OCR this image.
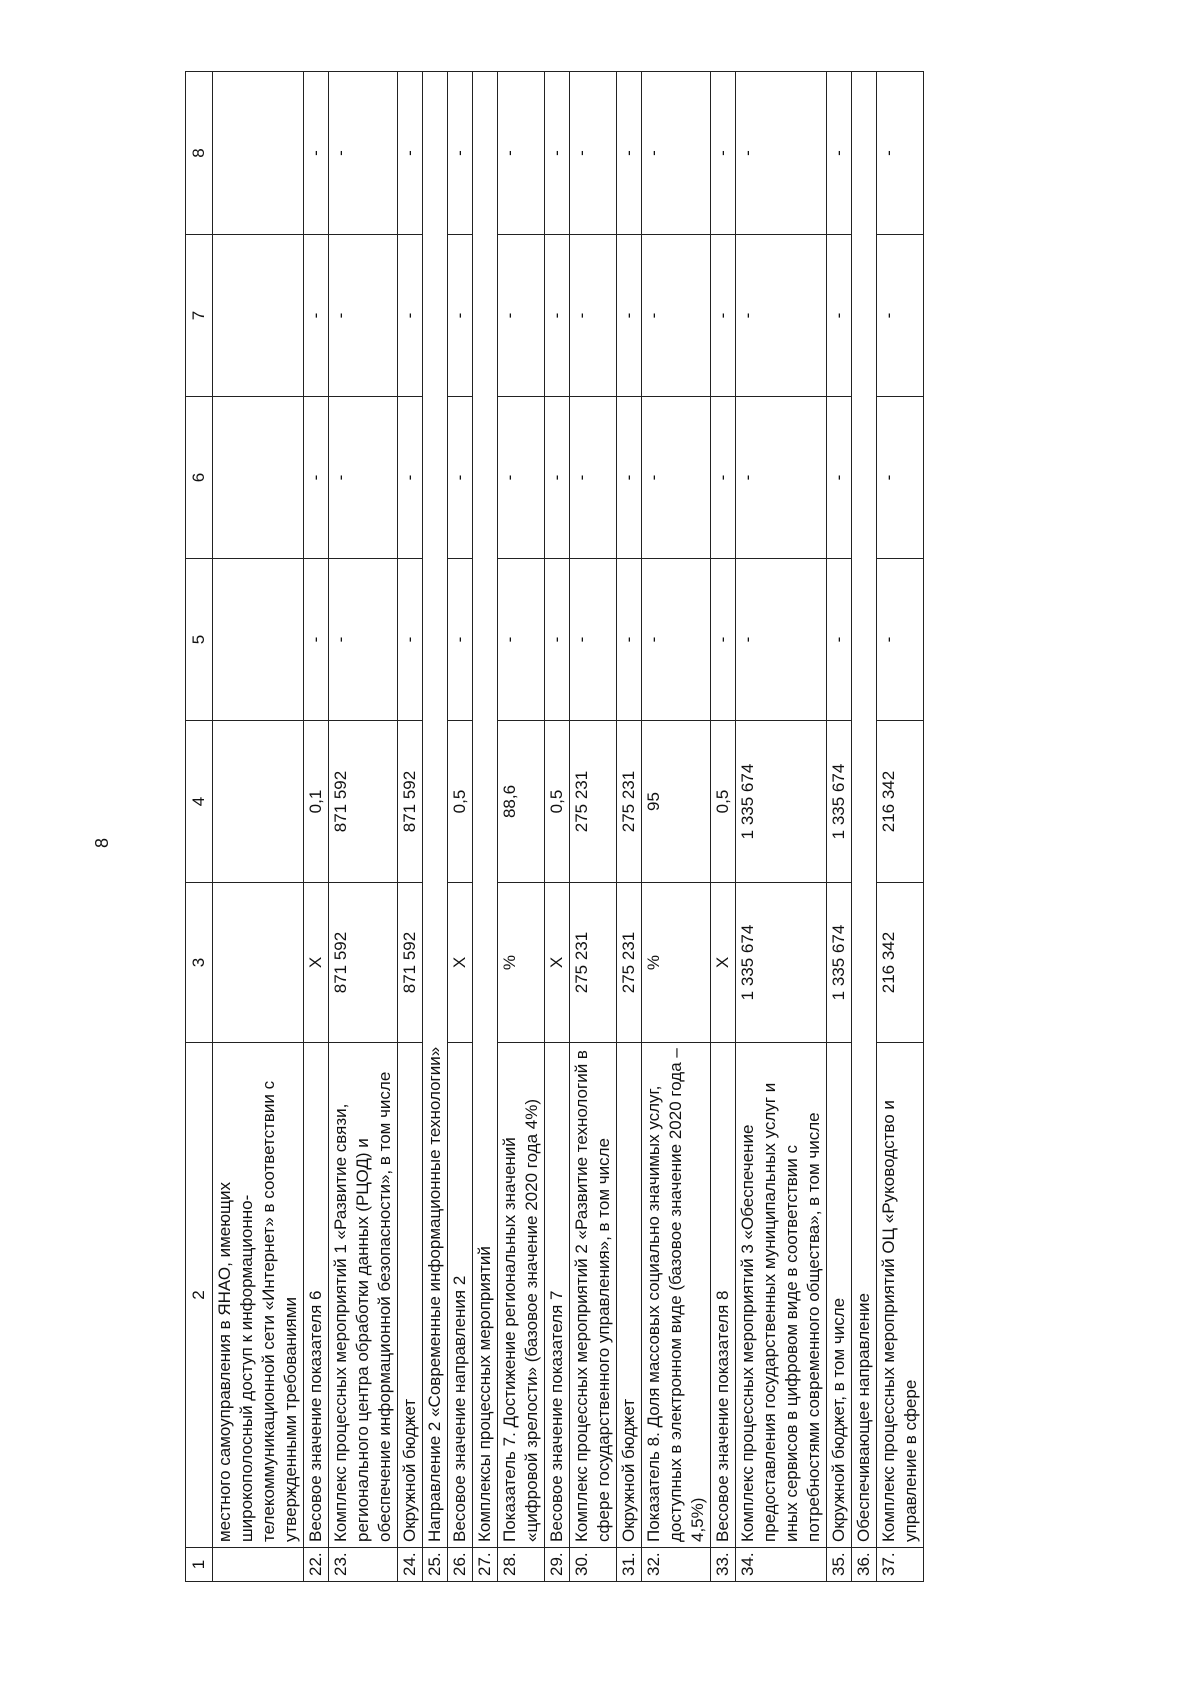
8
1	2	3	4	5	6	7	8
	местного самоуправления в ЯНАО, имеющих широкополосный доступ к информационно-телекоммуникационной сети «Интернет» в соответствии с утвержденными требованиями						
22.	Весовое значение показателя 6	X	0,1	-	-	-	-
23.	Комплекс процессных мероприятий 1 «Развитие связи, регионального центра обработки данных (РЦОД) и обеспечение информационной безопасности», в том числе	871 592	871 592	-	-	-	-
24.	Окружной бюджет	871 592	871 592	-	-	-	-
25.	Направление 2 «Современные информационные технологии»						
26.	Весовое значение направления 2	X	0,5	-	-	-	-
27.	Комплексы процессных мероприятий						
28.	Показатель 7. Достижение региональных значений «цифровой зрелости» (базовое значение 2020 года 4%)	%	88,6	-	-	-	-
29.	Весовое значение показателя 7	X	0,5	-	-	-	-
30.	Комплекс процессных мероприятий 2 «Развитие технологий в сфере государственного управления», в том числе	275 231	275 231	-	-	-	-
31.	Окружной бюджет	275 231	275 231	-	-	-	-
32.	Показатель 8. Доля массовых социально значимых услуг, доступных в электронном виде (базовое значение 2020 года – 4,5%)	%	95	-	-	-	-
33.	Весовое значение показателя 8	X	0,5	-	-	-	-
34.	Комплекс процессных мероприятий 3 «Обеспечение предоставления государственных муниципальных услуг и иных сервисов в цифровом виде в соответствии с потребностями современного общества», в том числе	1 335 674	1 335 674	-	-	-	-
35.	Окружной бюджет, в том числе	1 335 674	1 335 674	-	-	-	-
36.	Обеспечивающее направление						
37.	Комплекс процессных мероприятий ОЦ «Руководство и управление в сфере	216 342	216 342	-	-	-	-
